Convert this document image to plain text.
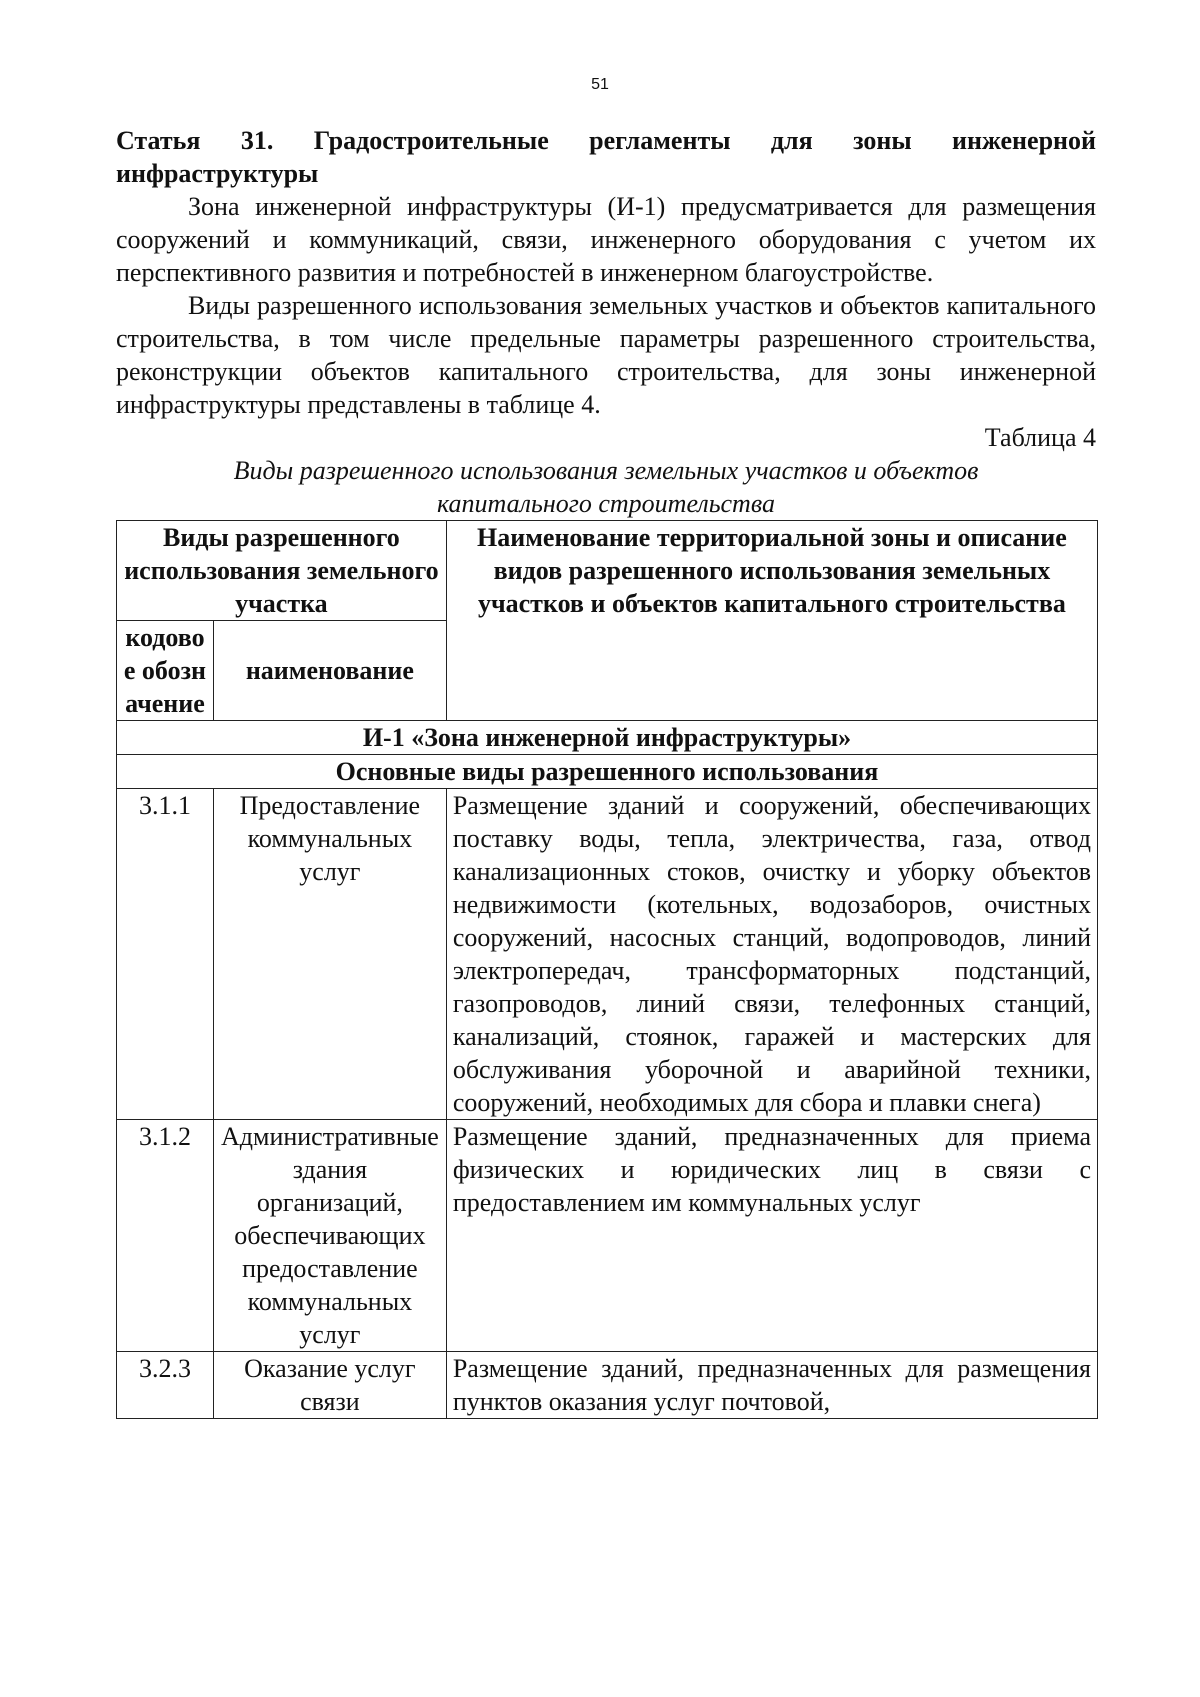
51
Статья 31. Градостроительные регламенты для зоны инженерной инфраструктуры

Зона инженерной инфраструктуры (И-1) предусматривается для размещения сооружений и коммуникаций, связи, инженерного оборудования с учетом их перспективного развития и потребностей в инженерном благоустройстве.

Виды разрешенного использования земельных участков и объектов капитального строительства, в том числе предельные параметры разрешенного строительства, реконструкции объектов капитального строительства, для зоны инженерной инфраструктуры представлены в таблице 4.

Таблица 4

Виды разрешенного использования земельных участков и объектов капитального строительства

Виды разрешенного использования земельного участка		Наименование территориальной зоны и описание видов разрешенного использования земельных участков и объектов капитального строительства
кодовое обозначение	наименование	
И-1 «Зона инженерной инфраструктуры»		
Основные виды разрешенного использования		
3.1.1	Предоставление коммунальных услуг	Размещение зданий и сооружений, обеспечивающих поставку воды, тепла, электричества, газа, отвод канализационных стоков, очистку и уборку объектов недвижимости (котельных, водозаборов, очистных сооружений, насосных станций, водопроводов, линий электропередач, трансформаторных подстанций, газопроводов, линий связи, телефонных станций, канализаций, стоянок, гаражей и мастерских для обслуживания уборочной и аварийной техники, сооружений, необходимых для сбора и плавки снега)
3.1.2	Административные здания организаций, обеспечивающих предоставление коммунальных услуг	Размещение зданий, предназначенных для приема физических и юридических лиц в связи с предоставлением им коммунальных услуг
3.2.3	Оказание услуг связи	Размещение зданий, предназначенных для размещения пунктов оказания услуг почтовой,
